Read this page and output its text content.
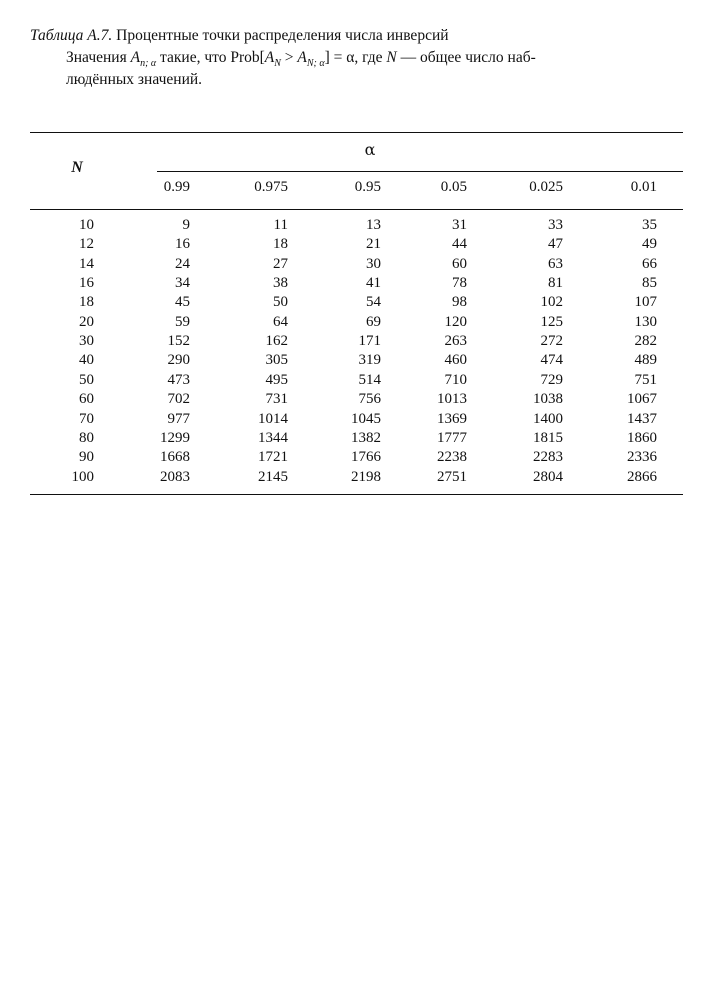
Таблица А.7. Процентные точки распределения числа инверсий
Значения $A_{n; \alpha}$ такие, что $Prob[A_N > A_{N; \alpha}] = \alpha$, где N — общее число наб-
людённых значений.
α
N
0.99	0.975	0.95	0.05	0.025	0.01
10	9	11	13	31	33	35
12	16	18	21	44	47	49
14	24	27	30	60	63	66
16	34	38	41	78	81	85
18	45	50	54	98	102	107
20	59	64	69	120	125	130
30	152	162	171	263	272	282
40	290	305	319	460	474	489
50	473	495	514	710	729	751
60	702	731	756	1013	1038	1067
70	977	1014	1045	1369	1400	1437
80	1299	1344	1382	1777	1815	1860
90	1668	1721	1766	2238	2283	2336
100	2083	2145	2198	2751	2804	2866
